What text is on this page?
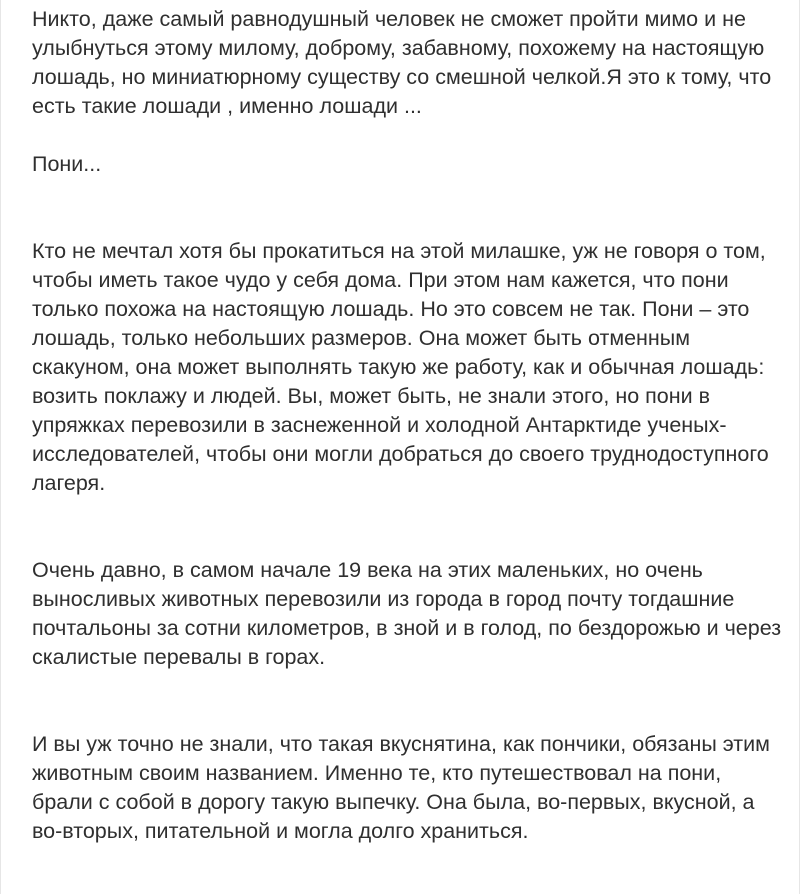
Никто, даже самый равнодушный человек не сможет пройти мимо и не улыбнуться этому милому, доброму, забавному, похожему на настоящую лошадь, но миниатюрному существу со смешной челкой.Я это к тому, что есть такие лошади , именно лошади ...

Пони...

Кто не мечтал хотя бы прокатиться на этой милашке, уж не говоря о том, чтобы иметь такое чудо у себя дома. При этом нам кажется, что пони только похожа на настоящую лошадь. Но это совсем не так. Пони – это лошадь, только небольших размеров. Она может быть отменным скакуном, она может выполнять такую же работу, как и обычная лошадь: возить поклажу и людей. Вы, может быть, не знали этого, но пони в упряжках перевозили в заснеженной и холодной Антарктиде ученых-исследователей, чтобы они могли добраться до своего труднодоступного лагеря.

Очень давно, в самом начале 19 века на этих маленьких, но очень выносливых животных перевозили из города в город почту тогдашние почтальоны за сотни километров, в зной и в голод, по бездорожью и через скалистые перевалы в горах.

И вы уж точно не знали, что такая вкуснятина, как пончики, обязаны этим животным своим названием. Именно те, кто путешествовал на пони, брали с собой в дорогу такую выпечку. Она была, во-первых, вкусной, а во-вторых, питательной и могла долго храниться.
